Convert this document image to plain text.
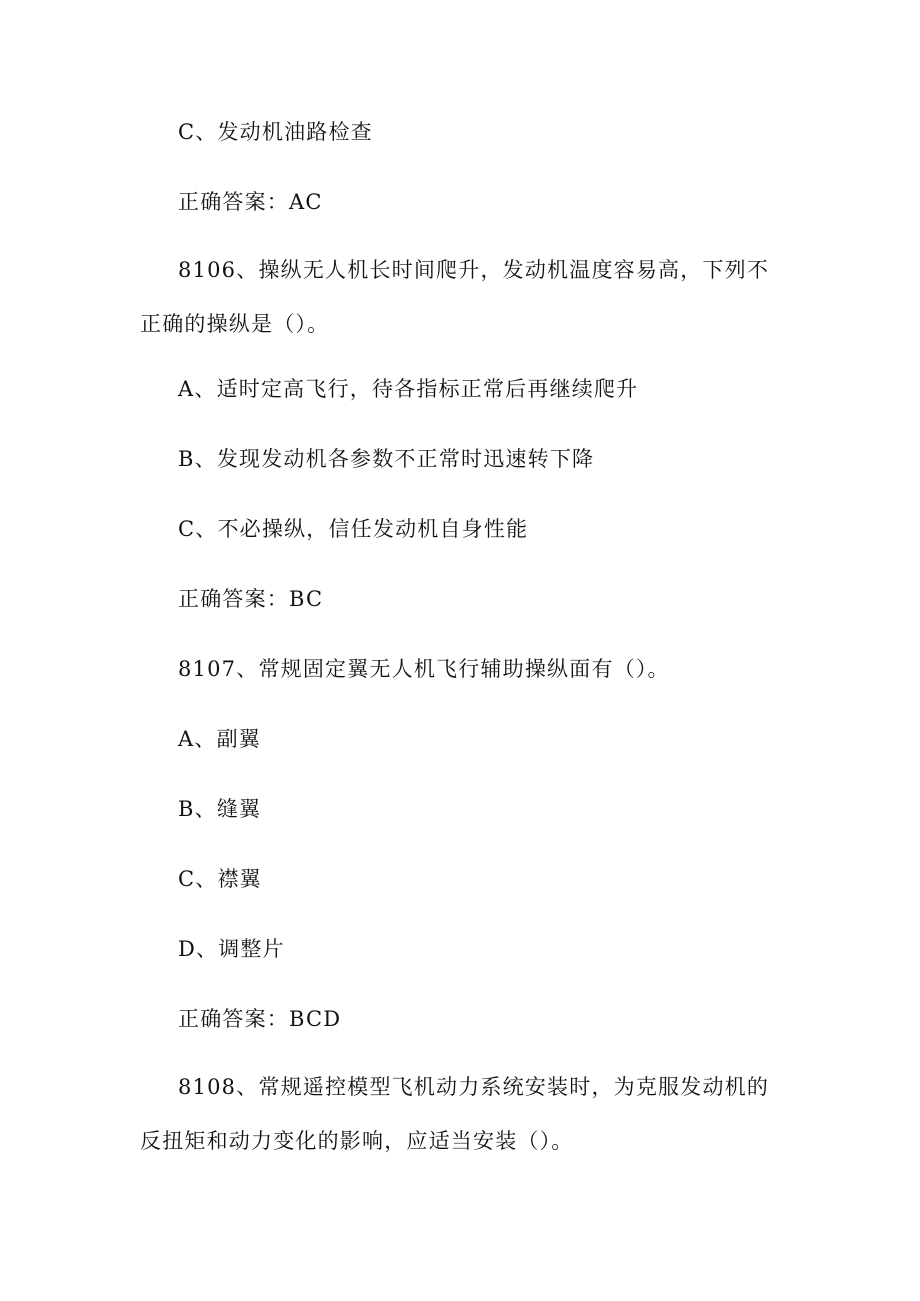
C、发动机油路检查
正确答案：AC
8106、操纵无人机长时间爬升，发动机温度容易高，下列不正确的操纵是（）。
A、适时定高飞行，待各指标正常后再继续爬升
B、发现发动机各参数不正常时迅速转下降
C、不必操纵，信任发动机自身性能
正确答案：BC
8107、常规固定翼无人机飞行辅助操纵面有（）。
A、副翼
B、缝翼
C、襟翼
D、调整片
正确答案：BCD
8108、常规遥控模型飞机动力系统安装时，为克服发动机的反扭矩和动力变化的影响，应适当安装（）。
